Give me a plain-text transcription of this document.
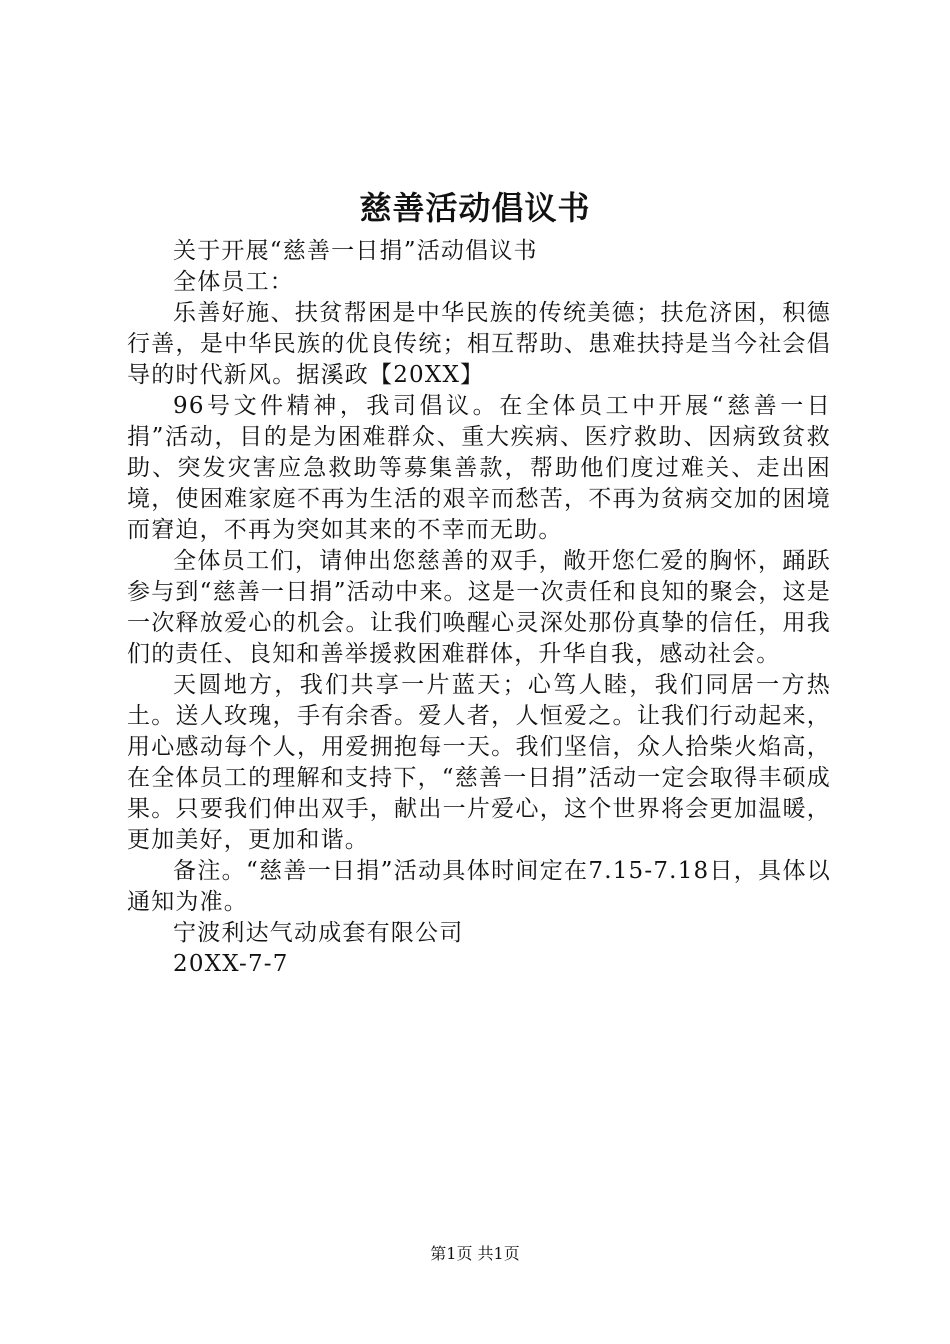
慈善活动倡议书

关于开展“慈善一日捐”活动倡议书

全体员工：

乐善好施、扶贫帮困是中华民族的传统美德；扶危济困，积德行善，是中华民族的优良传统；相互帮助、患难扶持是当今社会倡导的时代新风。据溪政【20XX】

96号文件精神，我司倡议。在全体员工中开展“慈善一日捐”活动，目的是为困难群众、重大疾病、医疗救助、因病致贫救助、突发灾害应急救助等募集善款，帮助他们度过难关、走出困境，使困难家庭不再为生活的艰辛而愁苦，不再为贫病交加的困境而窘迫，不再为突如其来的不幸而无助。

全体员工们，请伸出您慈善的双手，敞开您仁爱的胸怀，踊跃参与到“慈善一日捐”活动中来。这是一次责任和良知的聚会，这是一次释放爱心的机会。让我们唤醒心灵深处那份真挚的信任，用我们的责任、良知和善举援救困难群体，升华自我，感动社会。

天圆地方，我们共享一片蓝天；心笃人睦，我们同居一方热土。送人玫瑰，手有余香。爱人者，人恒爱之。让我们行动起来，用心感动每个人，用爱拥抱每一天。我们坚信，众人拾柴火焰高，在全体员工的理解和支持下，“慈善一日捐”活动一定会取得丰硕成果。只要我们伸出双手，献出一片爱心，这个世界将会更加温暖，更加美好，更加和谐。

备注。“慈善一日捐”活动具体时间定在7.15-7.18日，具体以通知为准。

宁波利达气动成套有限公司

20XX-7-7

第1页 共1页
